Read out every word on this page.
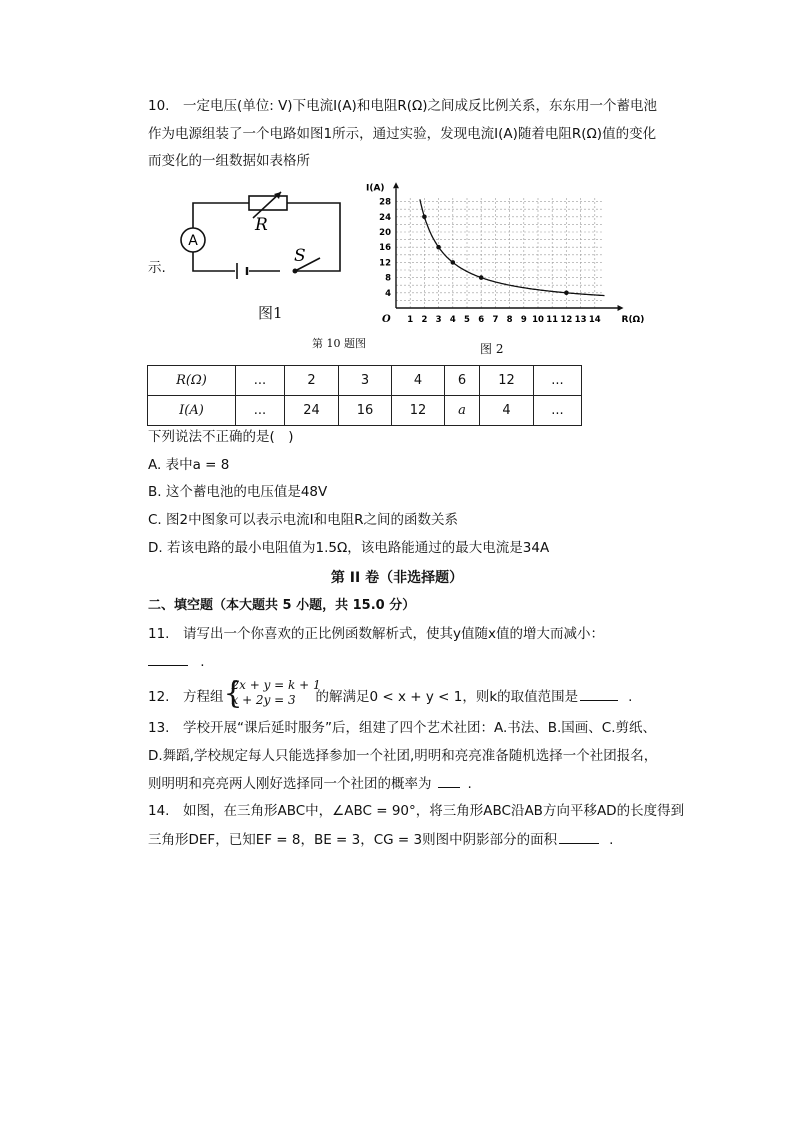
10.　一定电压(单位: V)下电流I(A)和电阻R(Ω)之间成反比例关系，东东用一个蓄电池
作为电源组装了一个电路如图1所示，通过实验，发现电流I(A)随着电阻R(Ω)值的变化
而变化的一组数据如表格所
示.
A
R
S
图1
第 10 题图
1 2 3 4 5 6 7 8 9 10 11 12 13 14
4
8
12
16
20
24
28
O	R(Ω)
I(A)
图 2
R(Ω)	...	2	3	4	6	12	...
I(A)	...	24	16	12	a	4	...
下列说法不正确的是(　)
A. 表中a = 8
B. 这个蓄电池的电压值是48V
C. 图2中图象可以表示电流I和电阻R之间的函数关系
D. 若该电路的最小电阻值为1.5Ω，该电路能通过的最大电流是34A
第 II 卷（非选择题）
二、填空题（本大题共 5 小题，共 15.0 分）
11.　请写出一个你喜欢的正比例函数解析式，使其y值随x值的增大而减小：
.
12.　方程组 {
2x + y = k + 1
x + 2y = 3 的解满足0 < x + y < 1，则k的取值范围是	.
13.　学校开展“课后延时服务”后，组建了四个艺术社团：A.书法、B.国画、C.剪纸、
D.舞蹈,学校规定每人只能选择参加一个社团,明明和亮亮准备随机选择一个社团报名，
则明明和亮亮两人刚好选择同一个社团的概率为	.
14.　如图，在三角形ABC中，∠ABC = 90°，将三角形ABC沿AB方向平移AD的长度得到
三角形DEF，已知EF = 8，BE = 3，CG = 3则图中阴影部分的面积	.
